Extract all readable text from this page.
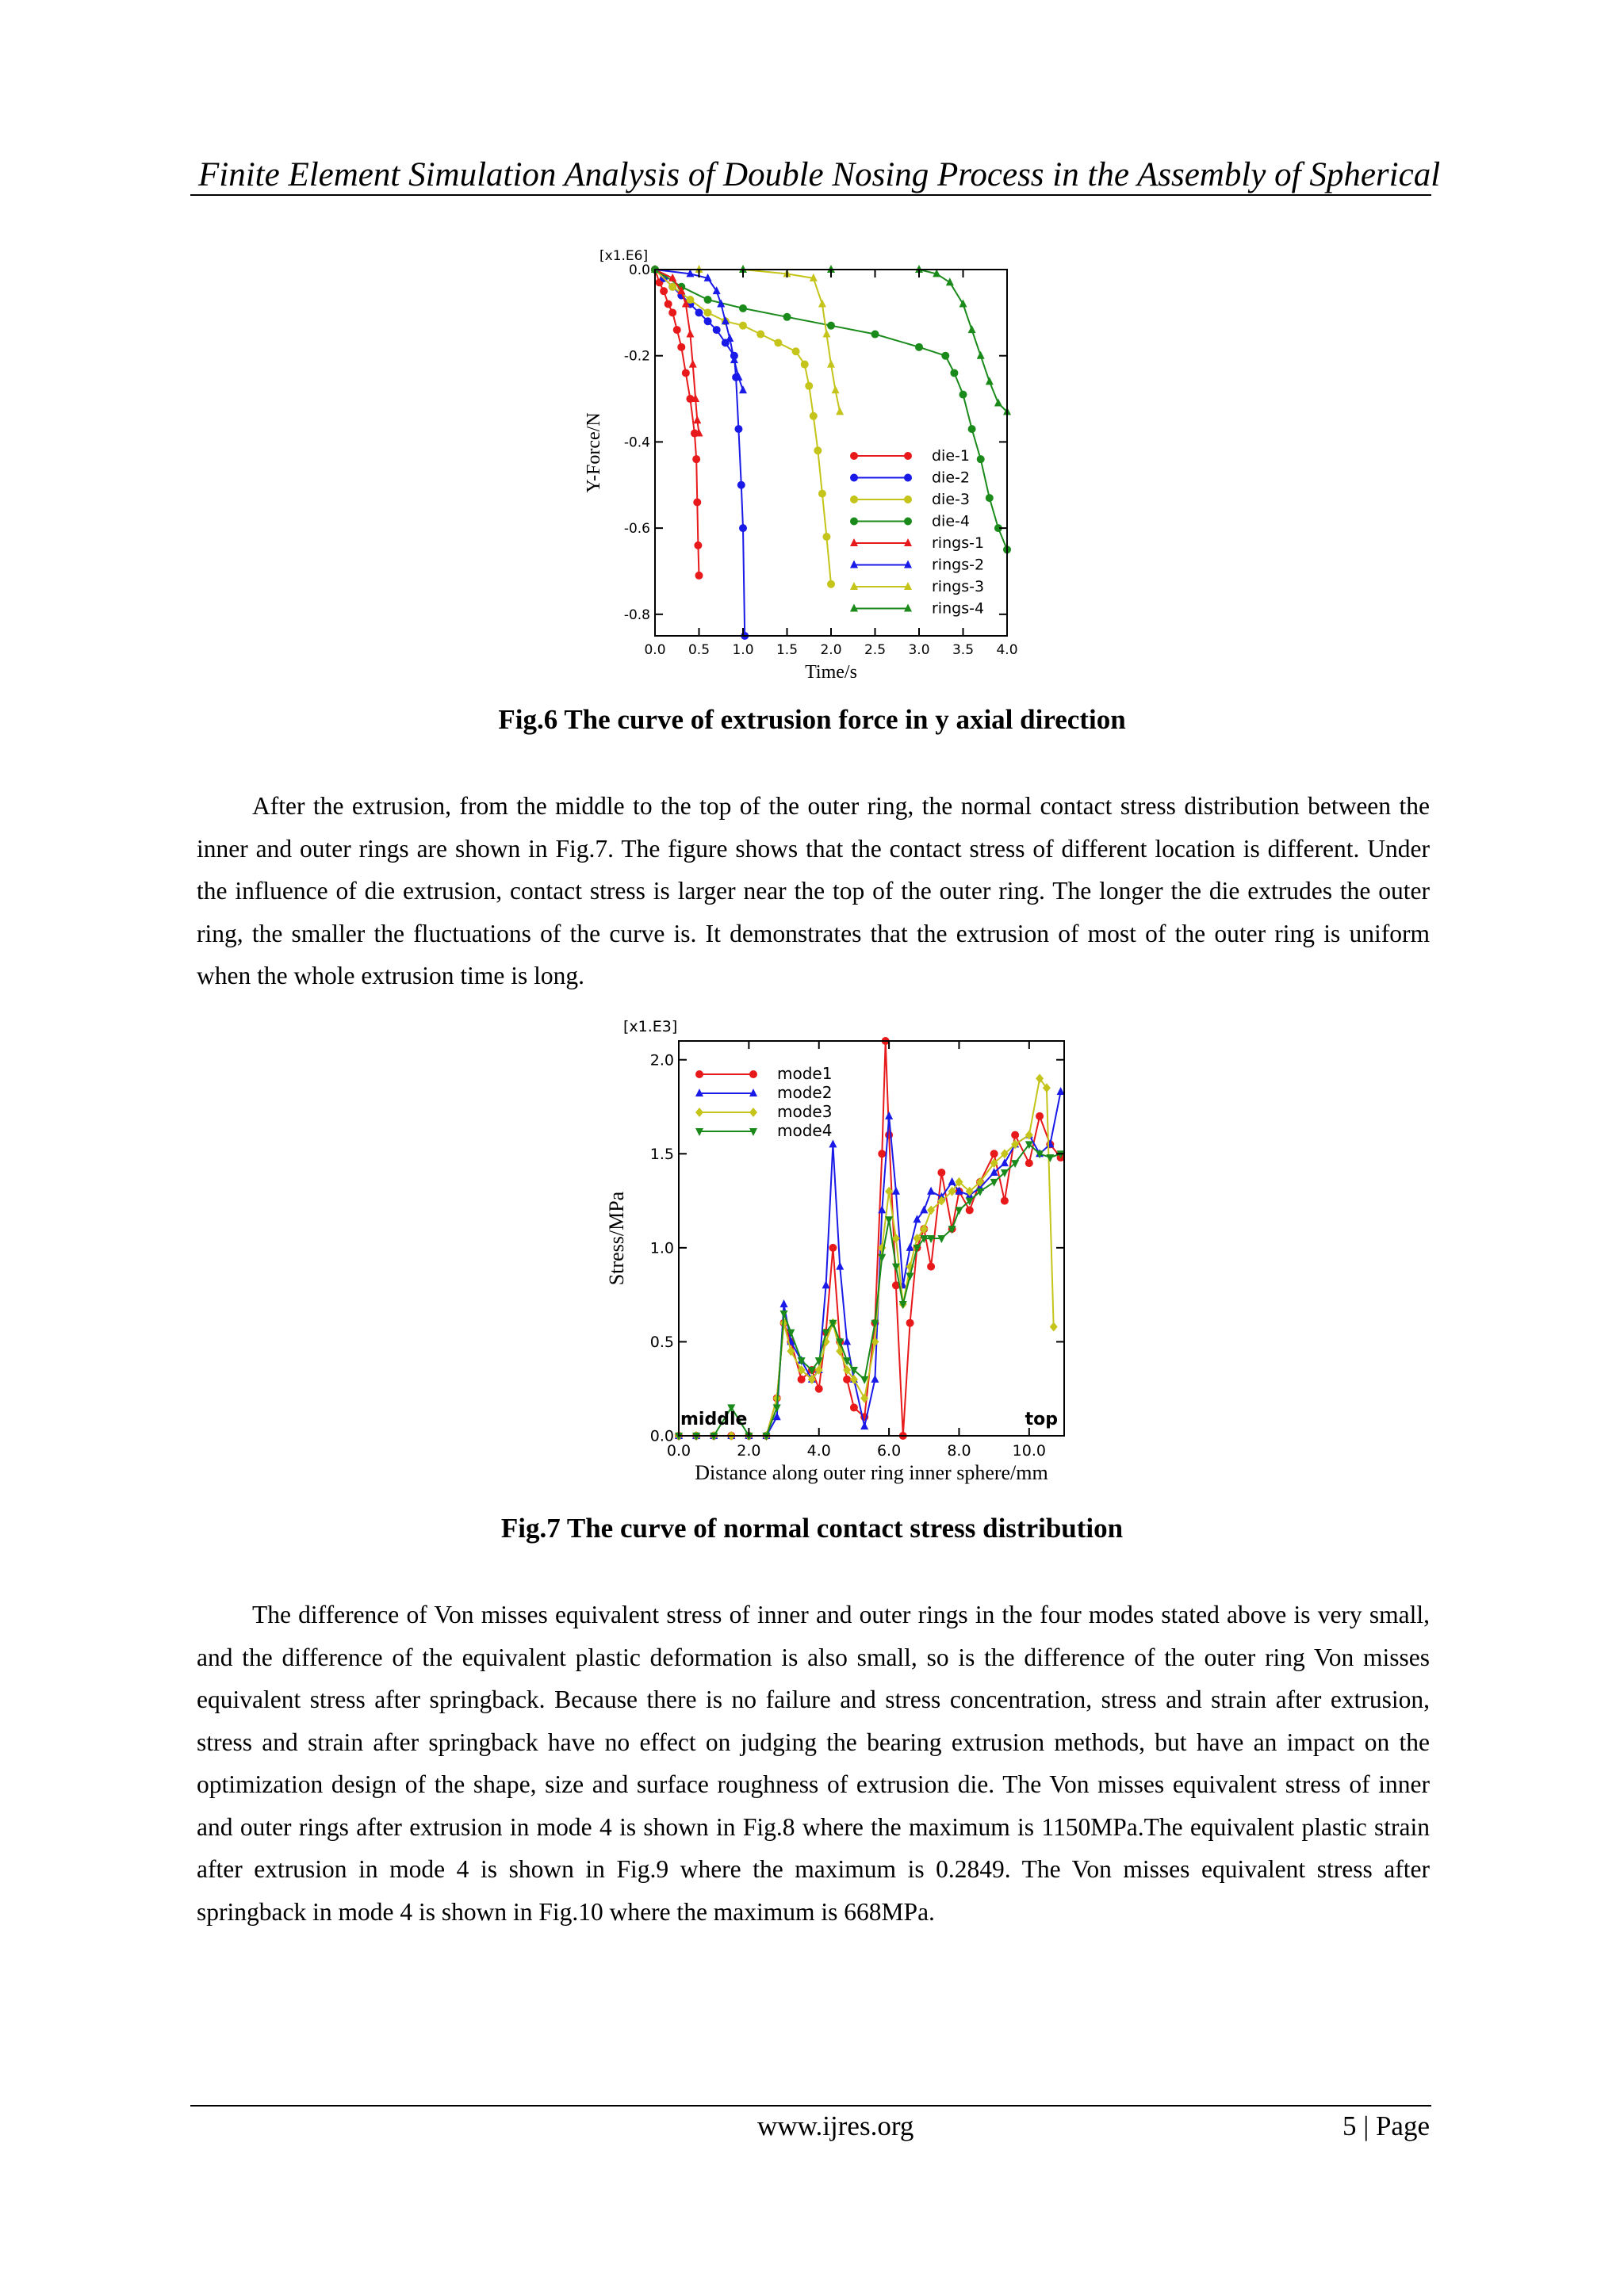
Finite Element Simulation Analysis of Double Nosing Process in the Assembly of Spherical
0.0 0.5 1.0 1.5 2.0 2.5 3.0 3.5 4.0
0.0
-0.2
-0.4
-0.6
-0.8
[x1.E6]
Time/s
Y-Force/N	die-1
die-2
die-3
die-4
rings-1
rings-2
rings-3
rings-4
Fig.6 The curve of extrusion force in y axial direction
After the extrusion, from the middle to the top of the outer ring, the normal contact stress distribution between the inner and outer rings are shown in Fig.7. The figure shows that the contact stress of different location is different. Under the influence of die extrusion, contact stress is larger near the top of the outer ring. The longer the die extrudes the outer ring, the smaller the fluctuations of the curve is. It demonstrates that the extrusion of most of the outer ring is uniform when the whole extrusion time is long.
0.0	2.0	4.0	6.0	8.0	10.0
0.0
0.5
1.0
1.5
2.0
[x1.E3]
Distance along outer ring inner sphere/mm
Stress/MPa
mode1
mode2
mode3
mode4
middle	top
Fig.7 The curve of normal contact stress distribution
The difference of Von misses equivalent stress of inner and outer rings in the four modes stated above is very small, and the difference of the equivalent plastic deformation is also small, so is the difference of the outer ring Von misses equivalent stress after springback. Because there is no failure and stress concentration, stress and strain after extrusion, stress and strain after springback have no effect on judging the bearing extrusion methods, but have an impact on the optimization design of the shape, size and surface roughness of extrusion die. The Von misses equivalent stress of inner and outer rings after extrusion in mode 4 is shown in Fig.8 where the maximum is 1150MPa.The equivalent plastic strain after extrusion in mode 4 is shown in Fig.9 where the maximum is 0.2849. The Von misses equivalent stress after springback in mode 4 is shown in Fig.10 where the maximum is 668MPa.
www.ijres.org	5 | Page
